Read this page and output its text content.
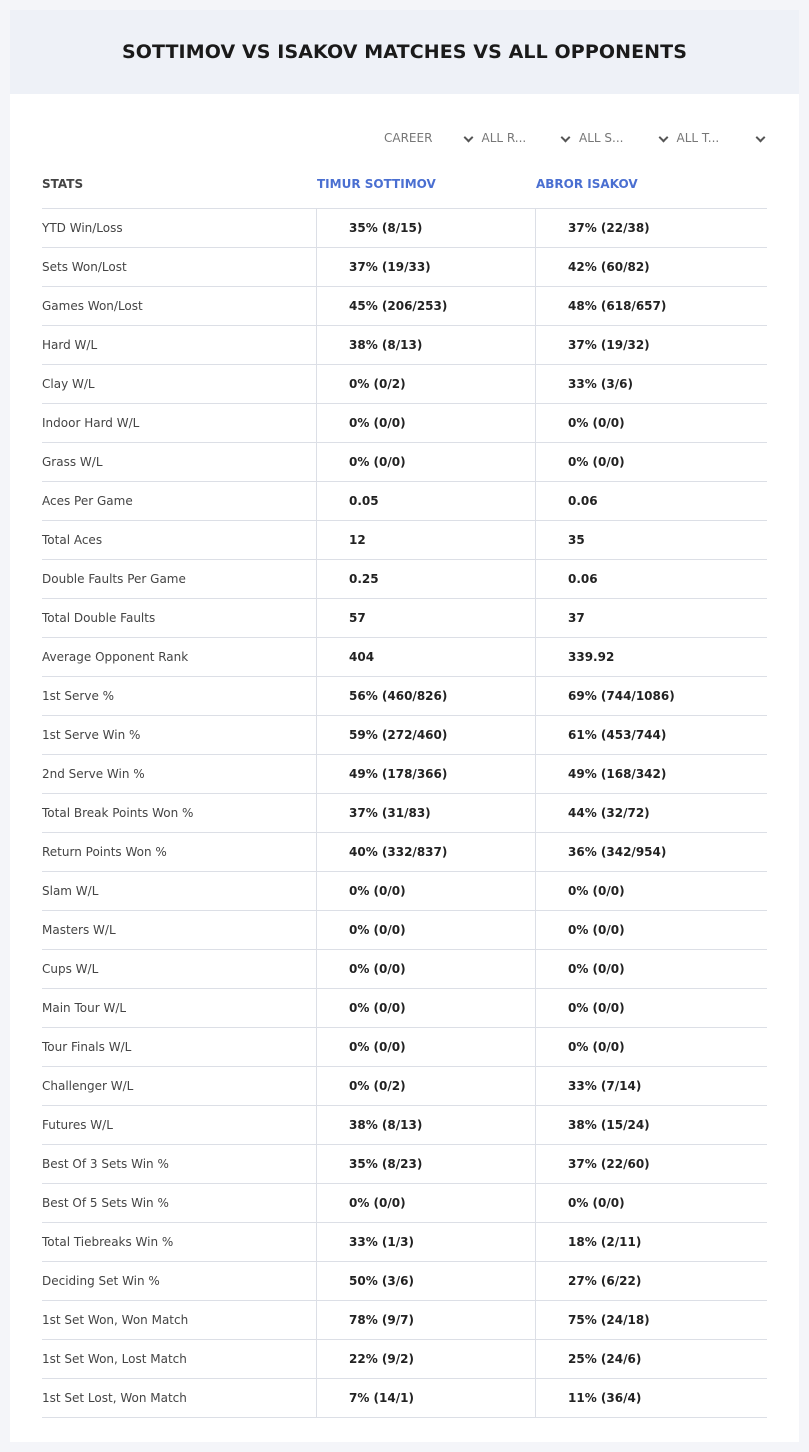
SOTTIMOV VS ISAKOV MATCHES VS ALL OPPONENTS
CAREER	ALL R...	ALL S...	ALL T...
STATS	TIMUR SOTTIMOV	ABROR ISAKOV
YTD Win/Loss	35% (8/15)	37% (22/38)
Sets Won/Lost	37% (19/33)	42% (60/82)
Games Won/Lost	45% (206/253)	48% (618/657)
Hard W/L	38% (8/13)	37% (19/32)
Clay W/L	0% (0/2)	33% (3/6)
Indoor Hard W/L	0% (0/0)	0% (0/0)
Grass W/L	0% (0/0)	0% (0/0)
Aces Per Game	0.05	0.06
Total Aces	12	35
Double Faults Per Game	0.25	0.06
Total Double Faults	57	37
Average Opponent Rank	404	339.92
1st Serve %	56% (460/826)	69% (744/1086)
1st Serve Win %	59% (272/460)	61% (453/744)
2nd Serve Win %	49% (178/366)	49% (168/342)
Total Break Points Won %	37% (31/83)	44% (32/72)
Return Points Won %	40% (332/837)	36% (342/954)
Slam W/L	0% (0/0)	0% (0/0)
Masters W/L	0% (0/0)	0% (0/0)
Cups W/L	0% (0/0)	0% (0/0)
Main Tour W/L	0% (0/0)	0% (0/0)
Tour Finals W/L	0% (0/0)	0% (0/0)
Challenger W/L	0% (0/2)	33% (7/14)
Futures W/L	38% (8/13)	38% (15/24)
Best Of 3 Sets Win %	35% (8/23)	37% (22/60)
Best Of 5 Sets Win %	0% (0/0)	0% (0/0)
Total Tiebreaks Win %	33% (1/3)	18% (2/11)
Deciding Set Win %	50% (3/6)	27% (6/22)
1st Set Won, Won Match	78% (9/7)	75% (24/18)
1st Set Won, Lost Match	22% (9/2)	25% (24/6)
1st Set Lost, Won Match	7% (14/1)	11% (36/4)
